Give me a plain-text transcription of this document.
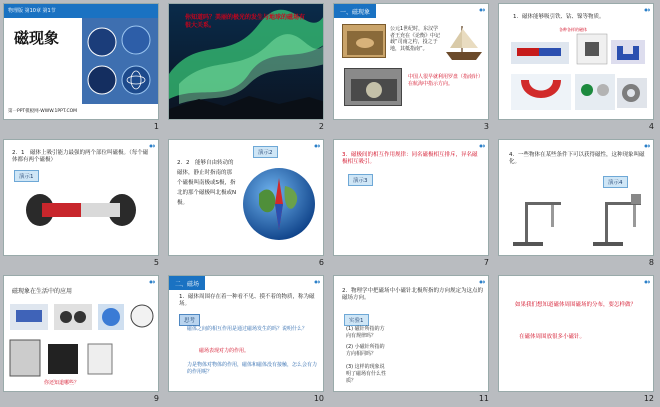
物理版 第10章 第1节
磁现象
第一PPT模板网-WWW.1PPT.COM
1
你知道吗？美丽的极光的发生与地球的磁场有很大关系。
2
一、磁现象	●◗
公元1世纪时，东汉学者王充在《论衡》中记载“司南之杓，投之于地，其柢指南”。
中国人很早就利用罗盘（指南针）在航海中指示方向。
3
●◗
1．磁体能够吸引铁、钴、镍等物质。
各种各样的磁体
4
●◗
2．1　磁体上吸引能力最强的两个部位叫磁极。（每个磁体都有两个磁极）
演示1
5
●◗
演示2
2．2　能够自由转动的磁体，静止时指南的那个磁极叫南极或S极，指北的那个磁极叫北极或N极。
6
●◗
3．磁极间的相互作用规律：同名磁极相互排斥，异名磁极相互吸引。
演示3
7
●◗
4．一些物体在某些条件下可以获得磁性，这种现象叫磁化。
演示4
8
●◗
磁现象在生活中的应用
你还知道哪些？
9
二、磁场	●◗
1．磁体周围存在着一种看不见、摸不着的物质，称为磁场。
思考
磁体之间的相互作用是通过磁场发生的吗？说明什么？
磁场表现对力的作用。
力是物体对物体的作用，磁体和磁体没有接触，怎么会有力的作用呢？
10
●◗
2．物理学中把磁场中小磁针北极所指的方向规定为这点的磁场方向。
实验1
(1) 磁针所指的方向有规律吗？
(2) 小磁针所指的方向相同吗？
(3) 这样的现象说明了磁场有什么性质？
11
●◗
如果我们想知道磁体周围磁场的分布，要怎样做？
在磁体周围放很多小磁针。
12
